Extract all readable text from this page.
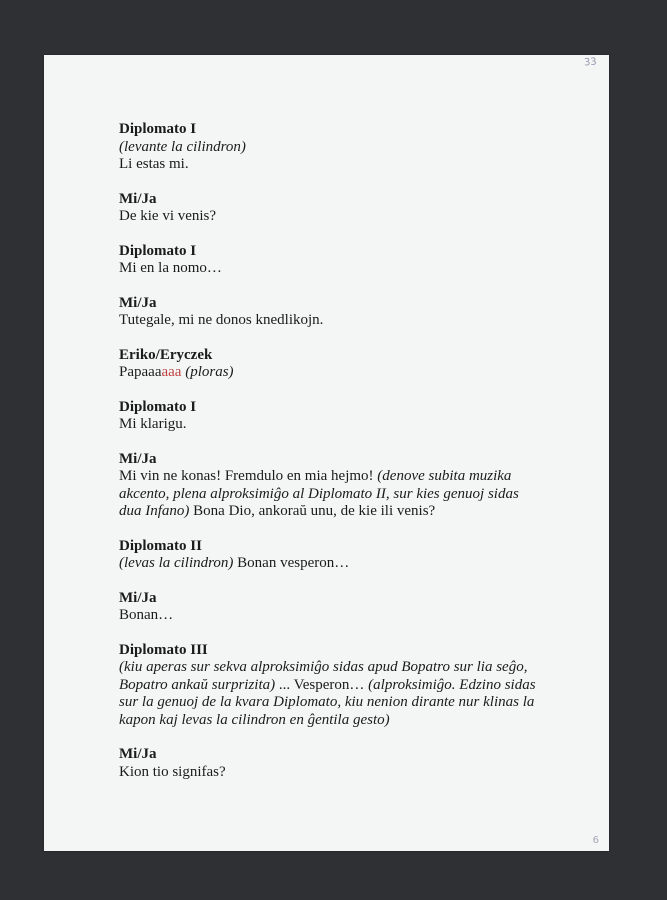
33
Diplomato I
(levante la cilindron)
Li estas mi.
Mi/Ja
De kie vi venis?
Diplomato I
Mi en la nomo…
Mi/Ja
Tutegale, mi ne donos knedlikojn.
Eriko/Eryczek
Papaaaaaa (ploras)
Diplomato I
Mi klarigu.
Mi/Ja
Mi vin ne konas! Fremdulo en mia hejmo! (denove subita muzika
akcento, plena alproksimiĝo al Diplomato II, sur kies genuoj sidas
dua Infano) Bona Dio, ankoraŭ unu, de kie ili venis?
Diplomato II
(levas la cilindron) Bonan vesperon…
Mi/Ja
Bonan…
Diplomato III
(kiu aperas sur sekva alproksimiĝo sidas apud Bopatro sur lia seĝo,
Bopatro ankaŭ surprizita) ... Vesperon… (alproksimiĝo. Edzino sidas
sur la genuoj de la kvara Diplomato, kiu nenion dirante nur klinas la
kapon kaj levas la cilindron en ĝentila gesto)
Mi/Ja
Kion tio signifas?
6
